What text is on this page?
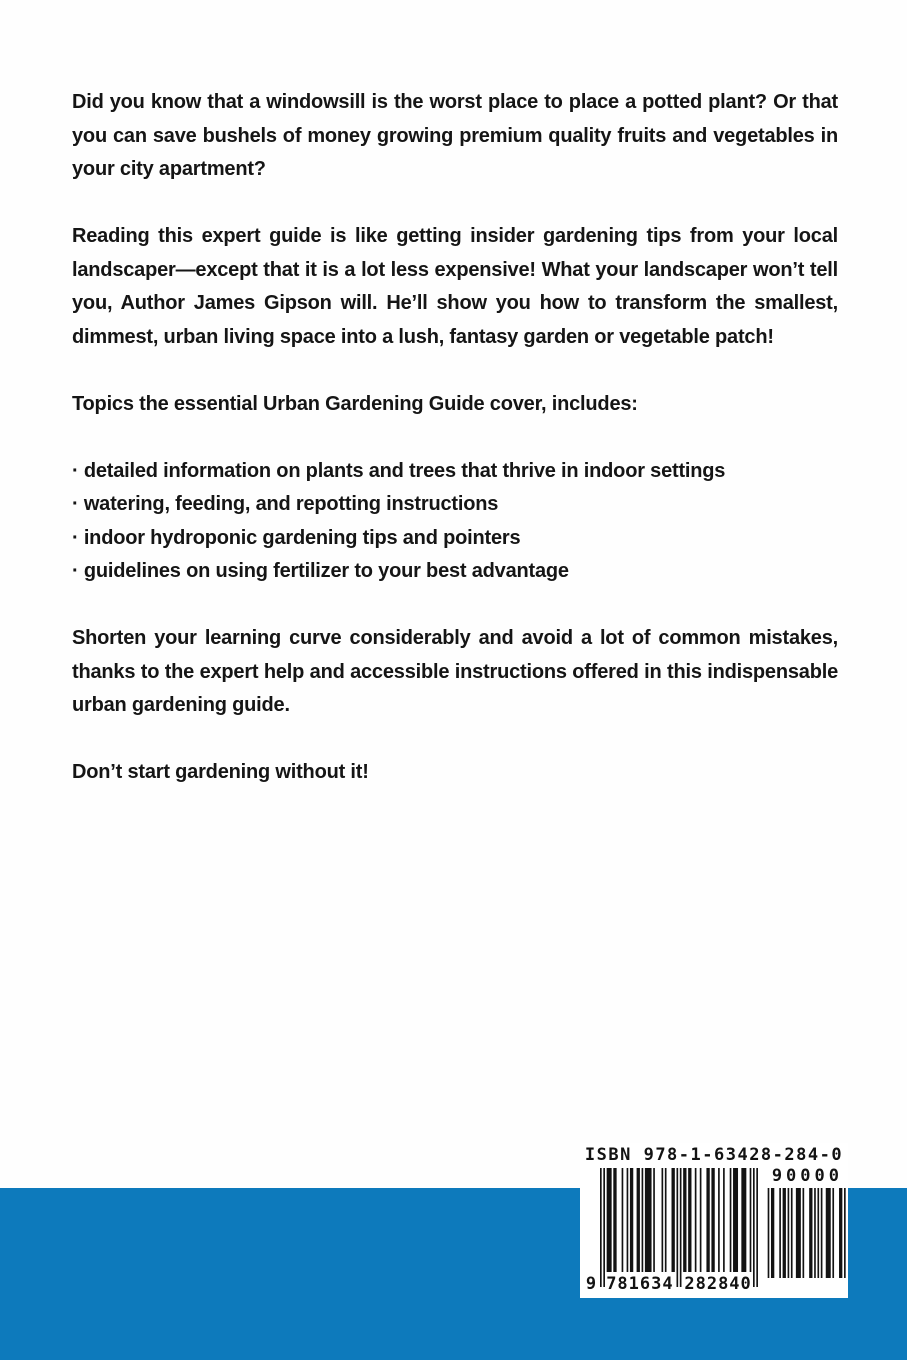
Did you know that a windowsill is the worst place to place a potted plant? Or that you can save bushels of money growing premium quality fruits and vegetables in your city apartment?

Reading this expert guide is like getting insider gardening tips from your local landscaper—except that it is a lot less expensive! What your landscaper won’t tell you, Author James Gipson will. He’ll show you how to transform the smallest, dimmest, urban living space into a lush, fantasy garden or vegetable patch!

Topics the essential Urban Gardening Guide cover, includes:

· detailed information on plants and trees that thrive in indoor settings
· watering, feeding, and repotting instructions
· indoor hydroponic gardening tips and pointers
· guidelines on using fertilizer to your best advantage

Shorten your learning curve considerably and avoid a lot of common mistakes, thanks to the expert help and accessible instructions offered in this indispensable urban gardening guide.

Don’t start gardening without it!

ISBN 978-1-63428-284-0
90000
9 781634 282840
